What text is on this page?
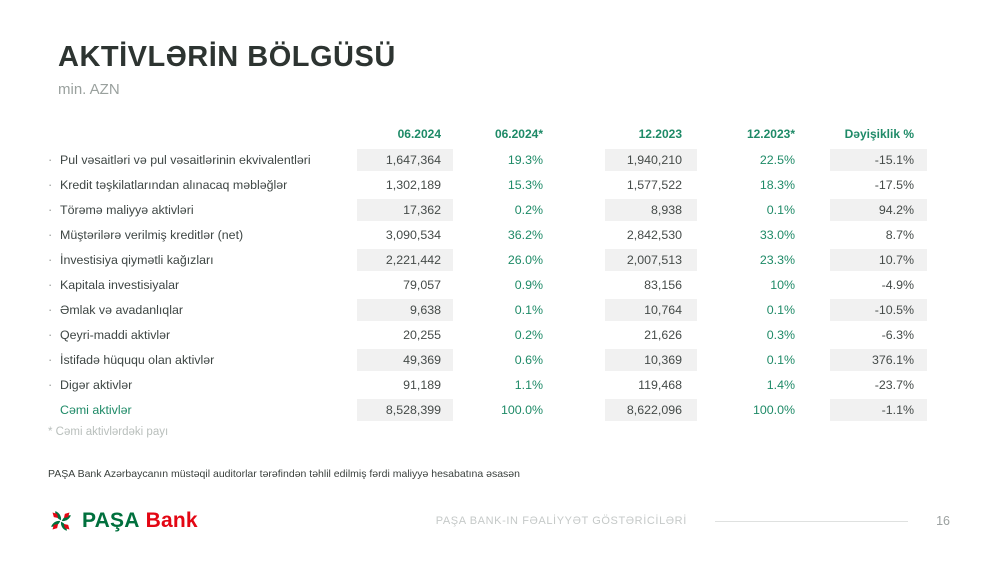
AKTİVLƏRİN BÖLGÜSÜ
min. AZN
	06.2024	06.2024*	12.2023	12.2023*	Dəyişiklik %
· Pul vəsaitləri və pul vəsaitlərinin ekvivalentləri	1,647,364	19.3%	1,940,210	22.5%	-15.1%
· Kredit təşkilatlarından alınacaq məbləğlər	1,302,189	15.3%	1,577,522	18.3%	-17.5%
· Törəmə maliyyə aktivləri	17,362	0.2%	8,938	0.1%	94.2%
· Müştərilərə verilmiş kreditlər (net)	3,090,534	36.2%	2,842,530	33.0%	8.7%
· İnvestisiya qiymətli kağızları	2,221,442	26.0%	2,007,513	23.3%	10.7%
· Kapitala investisiyalar	79,057	0.9%	83,156	10%	-4.9%
· Əmlak və avadanlıqlar	9,638	0.1%	10,764	0.1%	-10.5%
· Qeyri-maddi aktivlər	20,255	0.2%	21,626	0.3%	-6.3%
· İstifadə hüququ olan aktivlər	49,369	0.6%	10,369	0.1%	376.1%
· Digər aktivlər	91,189	1.1%	119,468	1.4%	-23.7%
Cəmi aktivlər	8,528,399	100.0%	8,622,096	100.0%	-1.1%
* Cəmi aktivlərdəki payı
PAŞA Bank Azərbaycanın müstəqil auditorlar tərəfindən təhlil edilmiş fərdi maliyyə hesabatına əsasən
PAŞA Bank	PAŞA BANK-IN FƏALİYYƏT GÖSTƏRİCİLƏRİ	16
